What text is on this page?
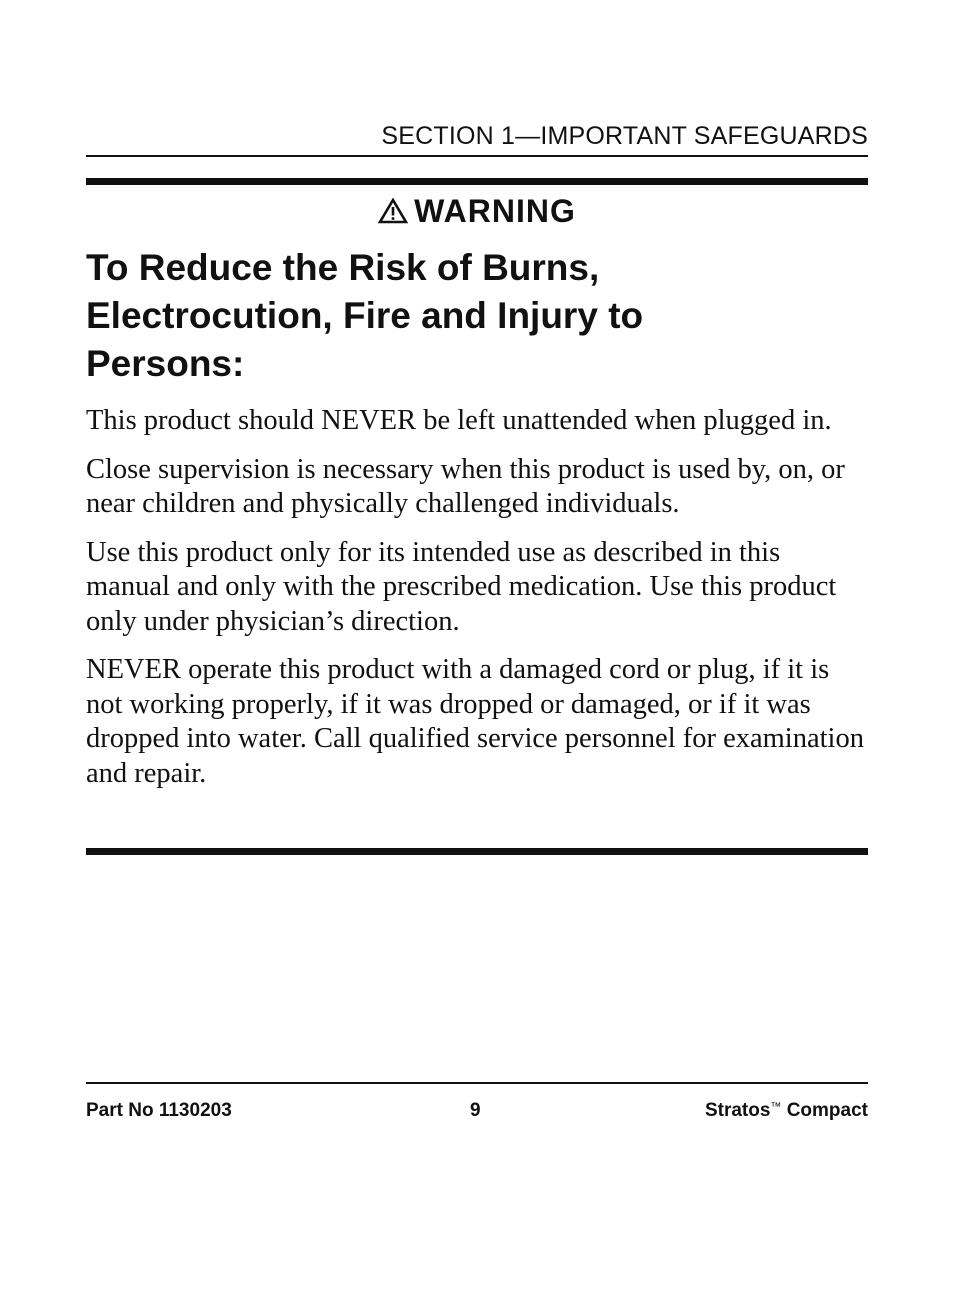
SECTION 1—IMPORTANT SAFEGUARDS
WARNING
To Reduce the Risk of Burns,
Electrocution, Fire and Injury to
Persons:

This product should NEVER be left unattended when plugged in.

Close supervision is necessary when this product is used by, on, or near children and physically challenged individuals.

Use this product only for its intended use as described in this manual and only with the prescribed medication. Use this product only under physician’s direction.

NEVER operate this product with a damaged cord or plug, if it is not working properly, if it was dropped or damaged, or if it was dropped into water. Call qualified service personnel for examination and repair.

Part No 1130203	9	Stratos™ Compact
